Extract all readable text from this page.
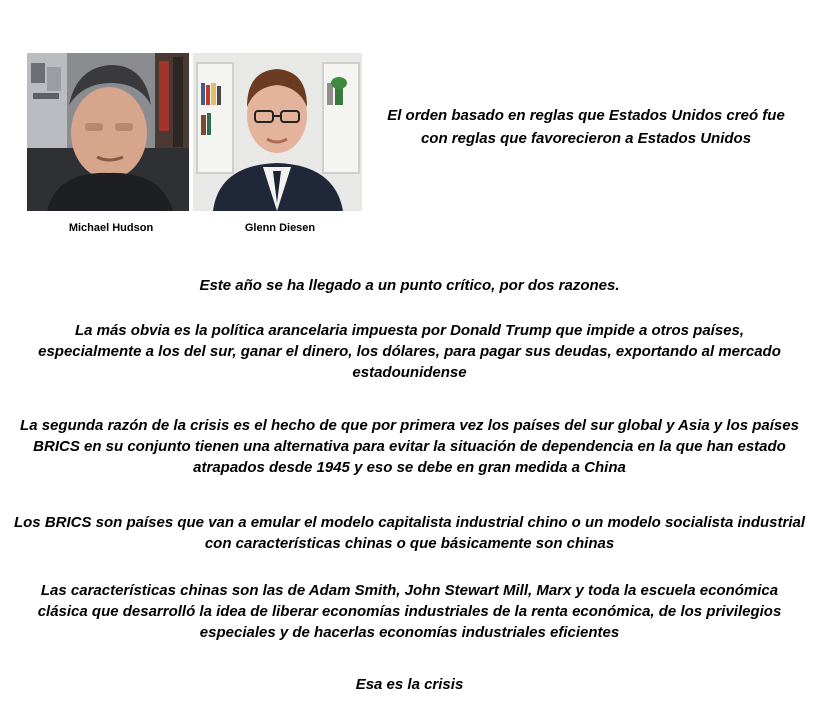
Michael Hudson	Glenn Diesen
El orden basado en reglas que Estados Unidos creó fue con reglas que favorecieron a Estados Unidos
Este año se ha llegado a un punto crítico, por dos razones.
La más obvia es la política arancelaria impuesta por Donald Trump que impide a otros países, especialmente a los del sur, ganar el dinero, los dólares, para pagar sus deudas, exportando al mercado estadounidense
La segunda razón de la crisis es el hecho de que por primera vez los países del sur global y Asia y los países BRICS en su conjunto tienen una alternativa para evitar la situación de dependencia en la que han estado atrapados desde 1945 y eso se debe en gran medida a China
Los BRICS son países que van a emular el modelo capitalista industrial chino o un modelo socialista industrial con características chinas o que básicamente son chinas
Las características chinas son las de Adam Smith, John Stewart Mill, Marx y toda la escuela económica clásica que desarrolló la idea de liberar economías industriales de la renta económica, de los privilegios especiales y de hacerlas economías industriales eficientes
Esa es la crisis
